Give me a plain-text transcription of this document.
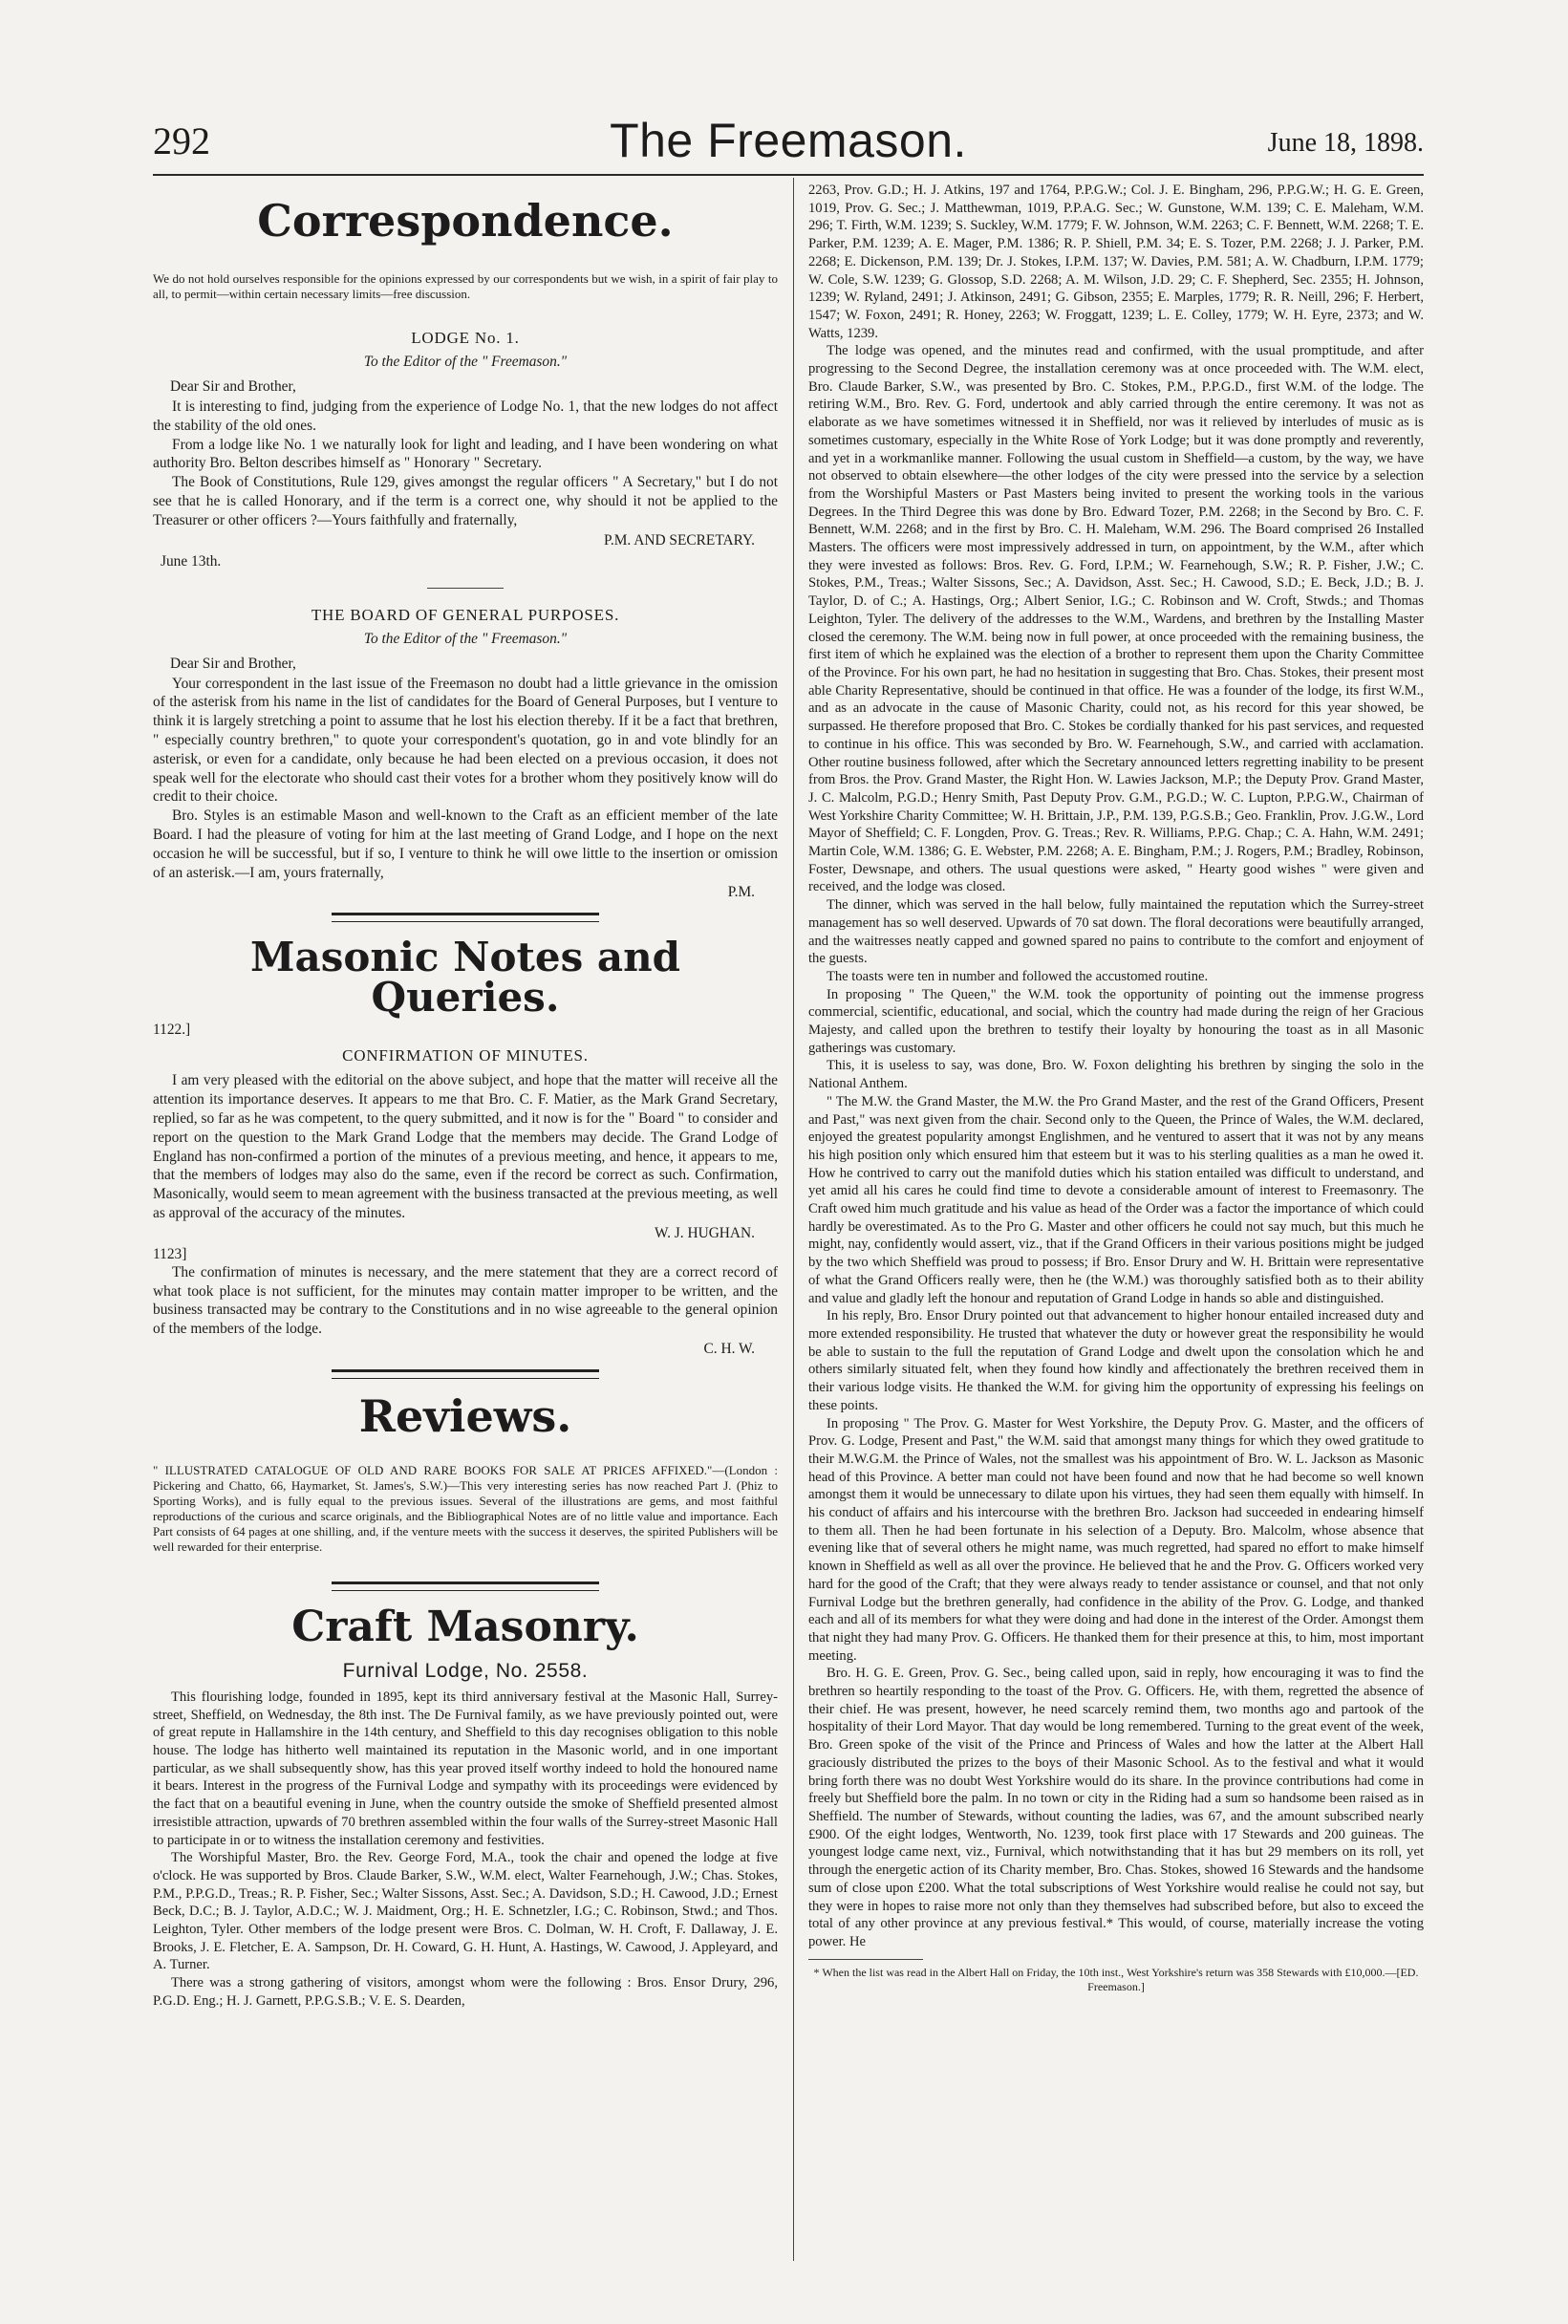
292	The Freemason.	June 18, 1898.
Correspondence.

We do not hold ourselves responsible for the opinions expressed by our correspondents but we wish, in a spirit of fair play to all, to permit—within certain necessary limits—free discussion.

LODGE No. 1.
To the Editor of the " Freemason."
Dear Sir and Brother,

It is interesting to find, judging from the experience of Lodge No. 1, that the new lodges do not affect the stability of the old ones.

From a lodge like No. 1 we naturally look for light and leading, and I have been wondering on what authority Bro. Belton describes himself as " Honorary " Secretary.

The Book of Constitutions, Rule 129, gives amongst the regular officers " A Secretary," but I do not see that he is called Honorary, and if the term is a correct one, why should it not be applied to the Treasurer or other officers ?—Yours faithfully and fraternally,

P.M. AND SECRETARY.
June 13th.
THE BOARD OF GENERAL PURPOSES.
To the Editor of the " Freemason."
Dear Sir and Brother,

Your correspondent in the last issue of the Freemason no doubt had a little grievance in the omission of the asterisk from his name in the list of candidates for the Board of General Purposes, but I venture to think it is largely stretching a point to assume that he lost his election thereby. If it be a fact that brethren, " especially country brethren," to quote your correspondent's quotation, go in and vote blindly for an asterisk, or even for a candidate, only because he had been elected on a previous occasion, it does not speak well for the electorate who should cast their votes for a brother whom they positively know will do credit to their choice.

Bro. Styles is an estimable Mason and well-known to the Craft as an efficient member of the late Board. I had the pleasure of voting for him at the last meeting of Grand Lodge, and I hope on the next occasion he will be successful, but if so, I venture to think he will owe little to the insertion or omission of an asterisk.—I am, yours fraternally,

P.M.
Masonic Notes and Queries.
1122.]
CONFIRMATION OF MINUTES.

I am very pleased with the editorial on the above subject, and hope that the matter will receive all the attention its importance deserves. It appears to me that Bro. C. F. Matier, as the Mark Grand Secretary, replied, so far as he was competent, to the query submitted, and it now is for the " Board " to consider and report on the question to the Mark Grand Lodge that the members may decide. The Grand Lodge of England has non-confirmed a portion of the minutes of a previous meeting, and hence, it appears to me, that the members of lodges may also do the same, even if the record be correct as such. Confirmation, Masonically, would seem to mean agreement with the business transacted at the previous meeting, as well as approval of the accuracy of the minutes.

W. J. HUGHAN.
1123]

The confirmation of minutes is necessary, and the mere statement that they are a correct record of what took place is not sufficient, for the minutes may contain matter improper to be written, and the business transacted may be contrary to the Constitutions and in no wise agreeable to the general opinion of the members of the lodge.

C. H. W.
Reviews.

" ILLUSTRATED CATALOGUE OF OLD AND RARE BOOKS FOR SALE AT PRICES AFFIXED."—(London : Pickering and Chatto, 66, Haymarket, St. James's, S.W.)—This very interesting series has now reached Part J. (Phiz to Sporting Works), and is fully equal to the previous issues. Several of the illustrations are gems, and most faithful reproductions of the curious and scarce originals, and the Bibliographical Notes are of no little value and importance. Each Part consists of 64 pages at one shilling, and, if the venture meets with the success it deserves, the spirited Publishers will be well rewarded for their enterprise.

Craft Masonry.
Furnival Lodge, No. 2558.

This flourishing lodge, founded in 1895, kept its third anniversary festival at the Masonic Hall, Surrey-street, Sheffield, on Wednesday, the 8th inst. The De Furnival family, as we have previously pointed out, were of great repute in Hallamshire in the 14th century, and Sheffield to this day recognises obligation to this noble house. The lodge has hitherto well maintained its reputation in the Masonic world, and in one important particular, as we shall subsequently show, has this year proved itself worthy indeed to hold the honoured name it bears. Interest in the progress of the Furnival Lodge and sympathy with its proceedings were evidenced by the fact that on a beautiful evening in June, when the country outside the smoke of Sheffield presented almost irresistible attraction, upwards of 70 brethren assembled within the four walls of the Surrey-street Masonic Hall to participate in or to witness the installation ceremony and festivities.

The Worshipful Master, Bro. the Rev. George Ford, M.A., took the chair and opened the lodge at five o'clock. He was supported by Bros. Claude Barker, S.W., W.M. elect, Walter Fearnehough, J.W.; Chas. Stokes, P.M., P.P.G.D., Treas.; R. P. Fisher, Sec.; Walter Sissons, Asst. Sec.; A. Davidson, S.D.; H. Cawood, J.D.; Ernest Beck, D.C.; B. J. Taylor, A.D.C.; W. J. Maidment, Org.; H. E. Schnetzler, I.G.; C. Robinson, Stwd.; and Thos. Leighton, Tyler. Other members of the lodge present were Bros. C. Dolman, W. H. Croft, F. Dallaway, J. E. Brooks, J. E. Fletcher, E. A. Sampson, Dr. H. Coward, G. H. Hunt, A. Hastings, W. Cawood, J. Appleyard, and A. Turner.

There was a strong gathering of visitors, amongst whom were the following : Bros. Ensor Drury, 296, P.G.D. Eng.; H. J. Garnett, P.P.G.S.B.; V. E. S. Dearden,

2263, Prov. G.D.; H. J. Atkins, 197 and 1764, P.P.G.W.; Col. J. E. Bingham, 296, P.P.G.W.; H. G. E. Green, 1019, Prov. G. Sec.; J. Matthewman, 1019, P.P.A.G. Sec.; W. Gunstone, W.M. 139; C. E. Maleham, W.M. 296; T. Firth, W.M. 1239; S. Suckley, W.M. 1779; F. W. Johnson, W.M. 2263; C. F. Bennett, W.M. 2268; T. E. Parker, P.M. 1239; A. E. Mager, P.M. 1386; R. P. Shiell, P.M. 34; E. S. Tozer, P.M. 2268; J. J. Parker, P.M. 2268; E. Dickenson, P.M. 139; Dr. J. Stokes, I.P.M. 137; W. Davies, P.M. 581; A. W. Chadburn, I.P.M. 1779; W. Cole, S.W. 1239; G. Glossop, S.D. 2268; A. M. Wilson, J.D. 29; C. F. Shepherd, Sec. 2355; H. Johnson, 1239; W. Ryland, 2491; J. Atkinson, 2491; G. Gibson, 2355; E. Marples, 1779; R. R. Neill, 296; F. Herbert, 1547; W. Foxon, 2491; R. Honey, 2263; W. Froggatt, 1239; L. E. Colley, 1779; W. H. Eyre, 2373; and W. Watts, 1239.

The lodge was opened, and the minutes read and confirmed, with the usual promptitude, and after progressing to the Second Degree, the installation ceremony was at once proceeded with. The W.M. elect, Bro. Claude Barker, S.W., was presented by Bro. C. Stokes, P.M., P.P.G.D., first W.M. of the lodge. The retiring W.M., Bro. Rev. G. Ford, undertook and ably carried through the entire ceremony. It was not as elaborate as we have sometimes witnessed it in Sheffield, nor was it relieved by interludes of music as is sometimes customary, especially in the White Rose of York Lodge; but it was done promptly and reverently, and yet in a workmanlike manner. Following the usual custom in Sheffield—a custom, by the way, we have not observed to obtain elsewhere—the other lodges of the city were pressed into the service by a selection from the Worshipful Masters or Past Masters being invited to present the working tools in the various Degrees. In the Third Degree this was done by Bro. Edward Tozer, P.M. 2268; in the Second by Bro. C. F. Bennett, W.M. 2268; and in the first by Bro. C. H. Maleham, W.M. 296. The Board comprised 26 Installed Masters. The officers were most impressively addressed in turn, on appointment, by the W.M., after which they were invested as follows: Bros. Rev. G. Ford, I.P.M.; W. Fearnehough, S.W.; R. P. Fisher, J.W.; C. Stokes, P.M., Treas.; Walter Sissons, Sec.; A. Davidson, Asst. Sec.; H. Cawood, S.D.; E. Beck, J.D.; B. J. Taylor, D. of C.; A. Hastings, Org.; Albert Senior, I.G.; C. Robinson and W. Croft, Stwds.; and Thomas Leighton, Tyler. The delivery of the addresses to the W.M., Wardens, and brethren by the Installing Master closed the ceremony. The W.M. being now in full power, at once proceeded with the remaining business, the first item of which he explained was the election of a brother to represent them upon the Charity Committee of the Province. For his own part, he had no hesitation in suggesting that Bro. Chas. Stokes, their present most able Charity Representative, should be continued in that office. He was a founder of the lodge, its first W.M., and as an advocate in the cause of Masonic Charity, could not, as his record for this year showed, be surpassed. He therefore proposed that Bro. C. Stokes be cordially thanked for his past services, and requested to continue in his office. This was seconded by Bro. W. Fearnehough, S.W., and carried with acclamation. Other routine business followed, after which the Secretary announced letters regretting inability to be present from Bros. the Prov. Grand Master, the Right Hon. W. Lawies Jackson, M.P.; the Deputy Prov. Grand Master, J. C. Malcolm, P.G.D.; Henry Smith, Past Deputy Prov. G.M., P.G.D.; W. C. Lupton, P.P.G.W., Chairman of West Yorkshire Charity Committee; W. H. Brittain, J.P., P.M. 139, P.G.S.B.; Geo. Franklin, Prov. J.G.W., Lord Mayor of Sheffield; C. F. Longden, Prov. G. Treas.; Rev. R. Williams, P.P.G. Chap.; C. A. Hahn, W.M. 2491; Martin Cole, W.M. 1386; G. E. Webster, P.M. 2268; A. E. Bingham, P.M.; J. Rogers, P.M.; Bradley, Robinson, Foster, Dewsnape, and others. The usual questions were asked, " Hearty good wishes " were given and received, and the lodge was closed.

The dinner, which was served in the hall below, fully maintained the reputation which the Surrey-street management has so well deserved. Upwards of 70 sat down. The floral decorations were beautifully arranged, and the waitresses neatly capped and gowned spared no pains to contribute to the comfort and enjoyment of the guests.

The toasts were ten in number and followed the accustomed routine.

In proposing " The Queen," the W.M. took the opportunity of pointing out the immense progress commercial, scientific, educational, and social, which the country had made during the reign of her Gracious Majesty, and called upon the brethren to testify their loyalty by honouring the toast as in all Masonic gatherings was customary.

This, it is useless to say, was done, Bro. W. Foxon delighting his brethren by singing the solo in the National Anthem.

" The M.W. the Grand Master, the M.W. the Pro Grand Master, and the rest of the Grand Officers, Present and Past," was next given from the chair. Second only to the Queen, the Prince of Wales, the W.M. declared, enjoyed the greatest popularity amongst Englishmen, and he ventured to assert that it was not by any means his high position only which ensured him that esteem but it was to his sterling qualities as a man he owed it. How he contrived to carry out the manifold duties which his station entailed was difficult to understand, and yet amid all his cares he could find time to devote a considerable amount of interest to Freemasonry. The Craft owed him much gratitude and his value as head of the Order was a factor the importance of which could hardly be overestimated. As to the Pro G. Master and other officers he could not say much, but this much he might, nay, confidently would assert, viz., that if the Grand Officers in their various positions might be judged by the two which Sheffield was proud to possess; if Bro. Ensor Drury and W. H. Brittain were representative of what the Grand Officers really were, then he (the W.M.) was thoroughly satisfied both as to their ability and value and gladly left the honour and reputation of Grand Lodge in hands so able and distinguished.

In his reply, Bro. Ensor Drury pointed out that advancement to higher honour entailed increased duty and more extended responsibility. He trusted that whatever the duty or however great the responsibility he would be able to sustain to the full the reputation of Grand Lodge and dwelt upon the consolation which he and others similarly situated felt, when they found how kindly and affectionately the brethren received them in their various lodge visits. He thanked the W.M. for giving him the opportunity of expressing his feelings on these points.

In proposing " The Prov. G. Master for West Yorkshire, the Deputy Prov. G. Master, and the officers of Prov. G. Lodge, Present and Past," the W.M. said that amongst many things for which they owed gratitude to their M.W.G.M. the Prince of Wales, not the smallest was his appointment of Bro. W. L. Jackson as Masonic head of this Province. A better man could not have been found and now that he had become so well known amongst them it would be unnecessary to dilate upon his virtues, they had seen them equally with himself. In his conduct of affairs and his intercourse with the brethren Bro. Jackson had succeeded in endearing himself to them all. Then he had been fortunate in his selection of a Deputy. Bro. Malcolm, whose absence that evening like that of several others he might name, was much regretted, had spared no effort to make himself known in Sheffield as well as all over the province. He believed that he and the Prov. G. Officers worked very hard for the good of the Craft; that they were always ready to tender assistance or counsel, and that not only Furnival Lodge but the brethren generally, had confidence in the ability of the Prov. G. Lodge, and thanked each and all of its members for what they were doing and had done in the interest of the Order. Amongst them that night they had many Prov. G. Officers. He thanked them for their presence at this, to him, most important meeting.

Bro. H. G. E. Green, Prov. G. Sec., being called upon, said in reply, how encouraging it was to find the brethren so heartily responding to the toast of the Prov. G. Officers. He, with them, regretted the absence of their chief. He was present, however, he need scarcely remind them, two months ago and partook of the hospitality of their Lord Mayor. That day would be long remembered. Turning to the great event of the week, Bro. Green spoke of the visit of the Prince and Princess of Wales and how the latter at the Albert Hall graciously distributed the prizes to the boys of their Masonic School. As to the festival and what it would bring forth there was no doubt West Yorkshire would do its share. In the province contributions had come in freely but Sheffield bore the palm. In no town or city in the Riding had a sum so handsome been raised as in Sheffield. The number of Stewards, without counting the ladies, was 67, and the amount subscribed nearly £900. Of the eight lodges, Wentworth, No. 1239, took first place with 17 Stewards and 200 guineas. The youngest lodge came next, viz., Furnival, which notwithstanding that it has but 29 members on its roll, yet through the energetic action of its Charity member, Bro. Chas. Stokes, showed 16 Stewards and the handsome sum of close upon £200. What the total subscriptions of West Yorkshire would realise he could not say, but they were in hopes to raise more not only than they themselves had subscribed before, but also to exceed the total of any other province at any previous festival.* This would, of course, materially increase the voting power. He

* When the list was read in the Albert Hall on Friday, the 10th inst., West Yorkshire's return was 358 Stewards with £10,000.—[ED. Freemason.]
